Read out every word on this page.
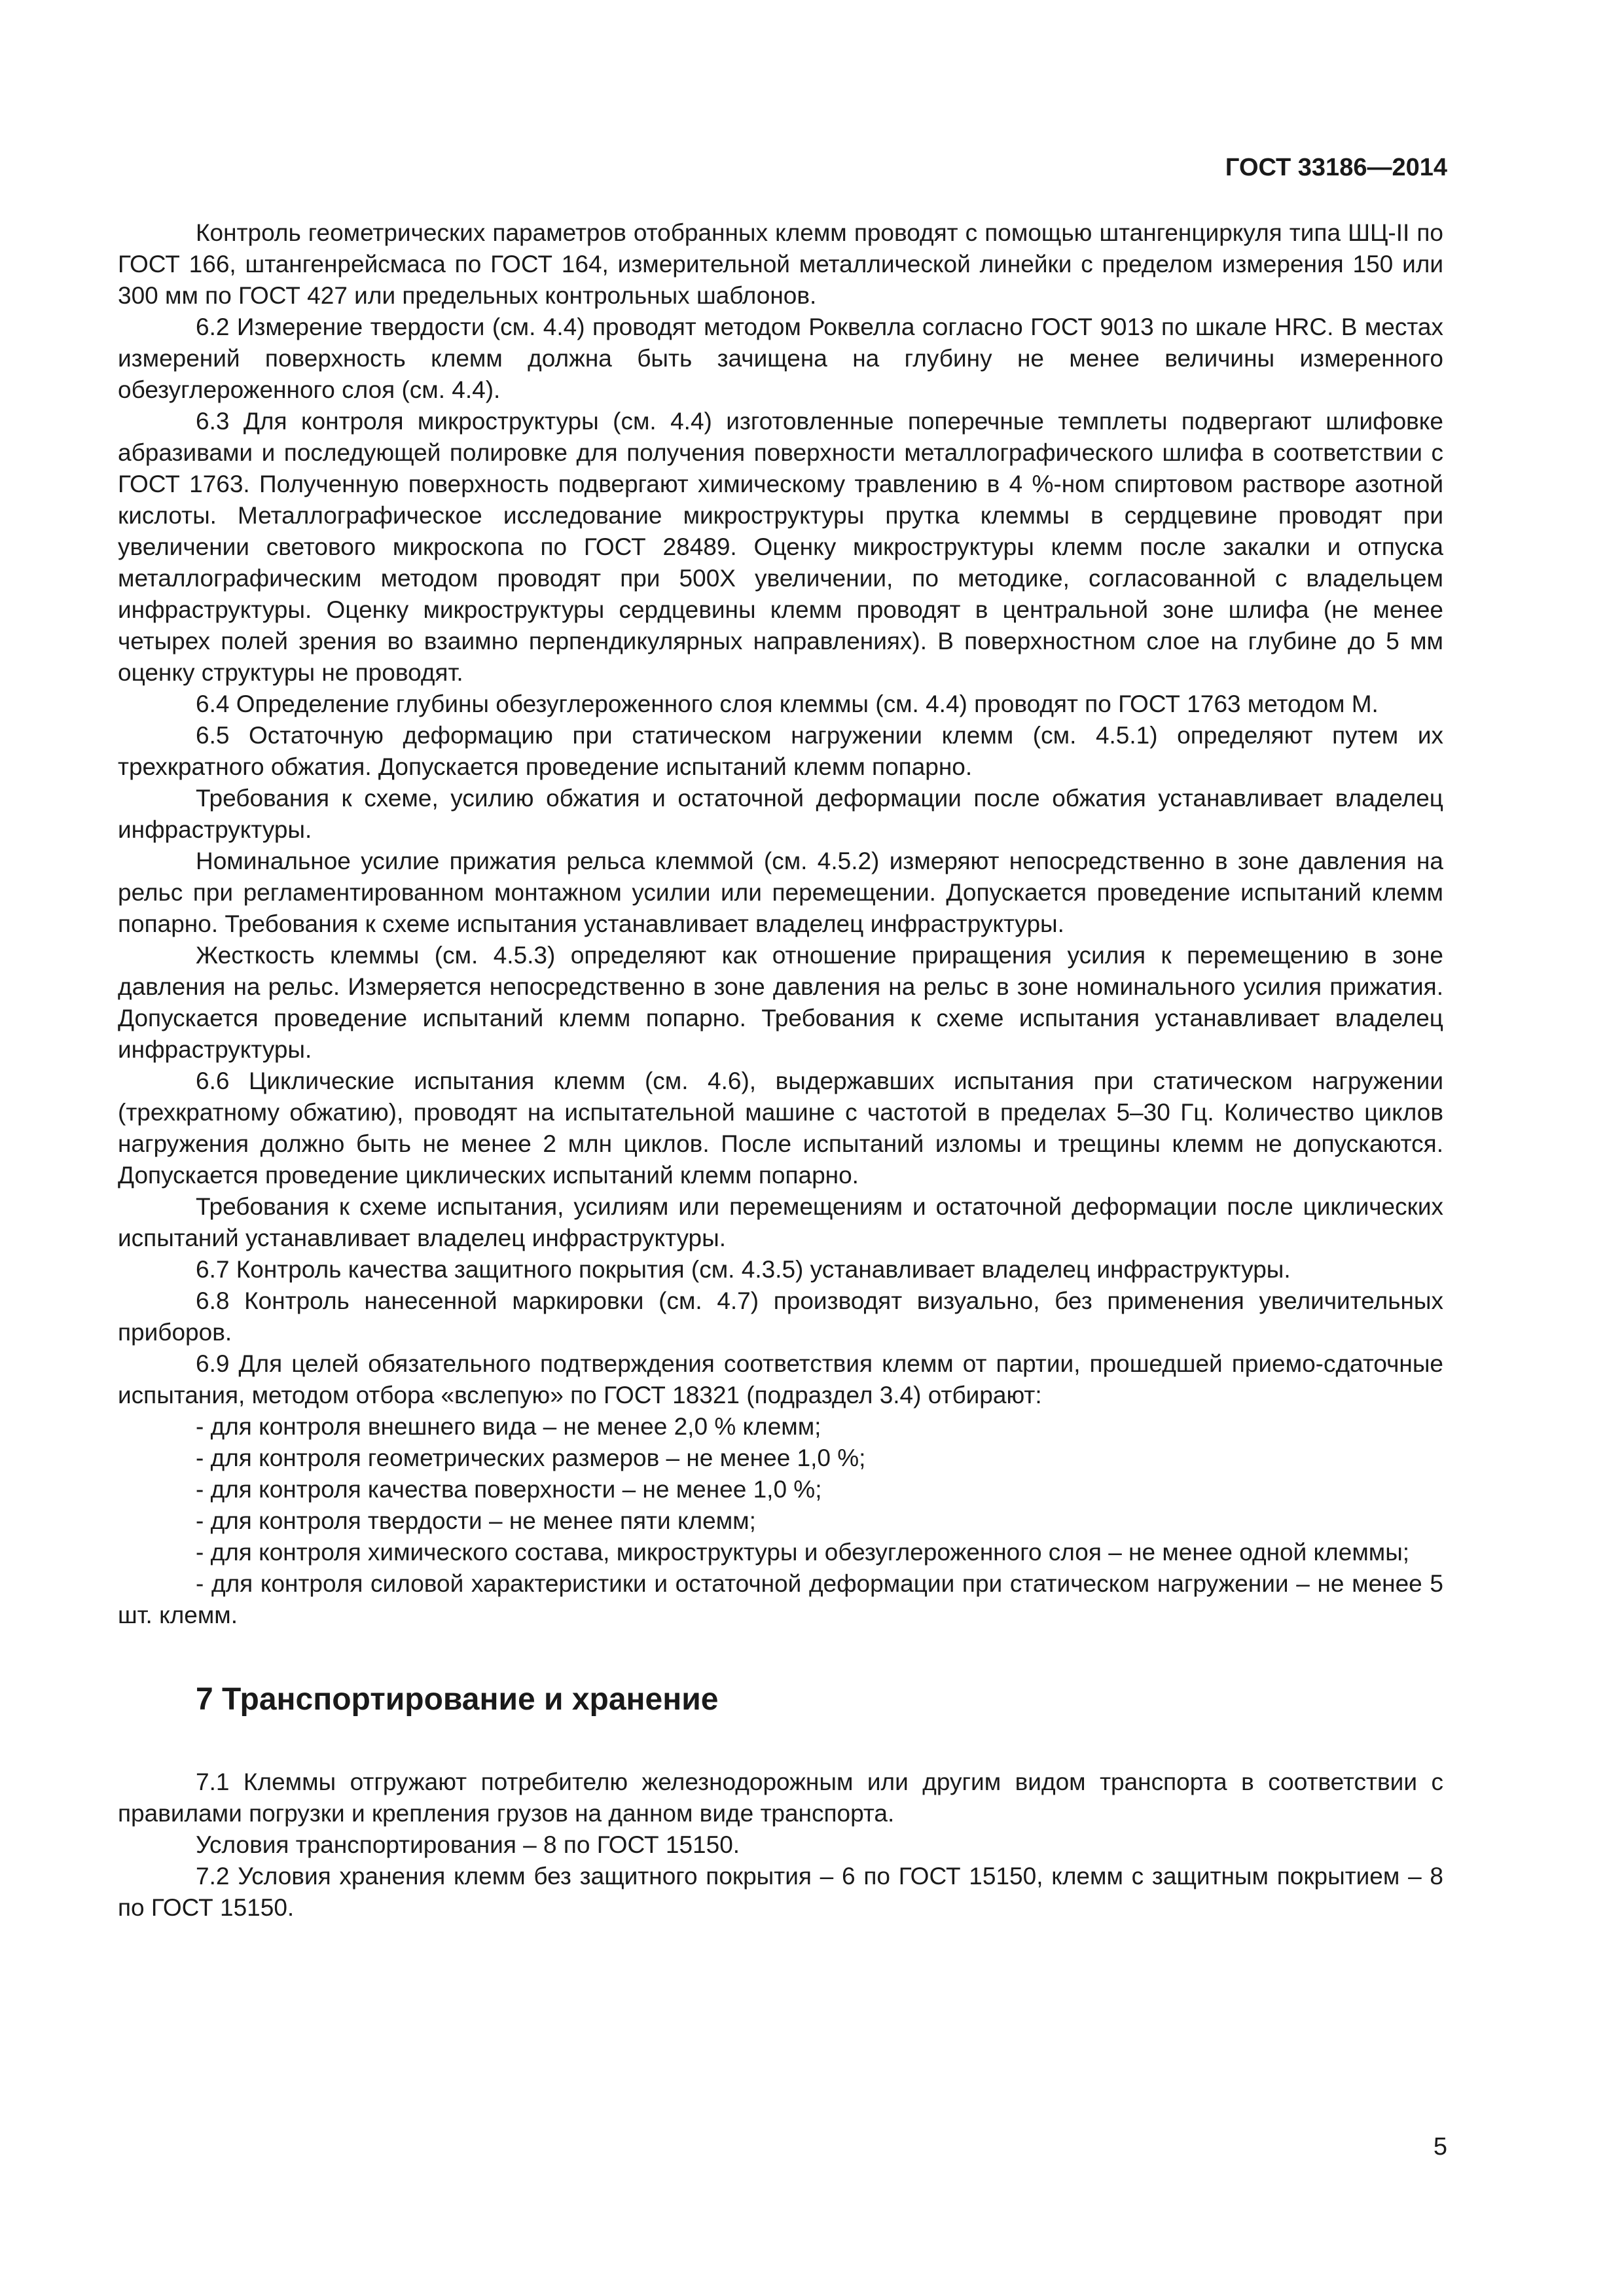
ГОСТ 33186—2014

Контроль геометрических параметров отобранных клемм проводят с помощью штангенциркуля типа ШЦ-II по ГОСТ 166, штангенрейсмаса по ГОСТ 164, измерительной металлической линейки с пределом измерения 150 или 300 мм по ГОСТ 427 или предельных контрольных шаблонов.

6.2 Измерение твердости (см. 4.4) проводят методом Роквелла согласно ГОСТ 9013 по шкале HRC. В местах измерений поверхность клемм должна быть зачищена на глубину не менее величины измеренного обезуглероженного слоя (см. 4.4).

6.3 Для контроля микроструктуры (см. 4.4) изготовленные поперечные темплеты подвергают шлифовке абразивами и последующей полировке для получения поверхности металлографического шлифа в соответствии с ГОСТ 1763. Полученную поверхность подвергают химическому травлению в 4 %-ном спиртовом растворе азотной кислоты. Металлографическое исследование микроструктуры прутка клеммы в сердцевине проводят при увеличении светового микроскопа по ГОСТ 28489. Оценку микроструктуры клемм после закалки и отпуска металлографическим методом проводят при 500Х увеличении, по методике, согласованной с владельцем инфраструктуры. Оценку микроструктуры сердцевины клемм проводят в центральной зоне шлифа (не менее четырех полей зрения во взаимно перпендикулярных направлениях). В поверхностном слое на глубине до 5 мм оценку структуры не проводят.

6.4 Определение глубины обезуглероженного слоя клеммы (см. 4.4) проводят по ГОСТ 1763 методом М.

6.5 Остаточную деформацию при статическом нагружении клемм (см. 4.5.1) определяют путем их трехкратного обжатия. Допускается проведение испытаний клемм попарно.

Требования к схеме, усилию обжатия и остаточной деформации после обжатия устанавливает владелец инфраструктуры.

Номинальное усилие прижатия рельса клеммой (см. 4.5.2) измеряют непосредственно в зоне давления на рельс при регламентированном монтажном усилии или перемещении. Допускается проведение испытаний клемм попарно. Требования к схеме испытания устанавливает владелец инфраструктуры.

Жесткость клеммы (см. 4.5.3) определяют как отношение приращения усилия к перемещению в зоне давления на рельс. Измеряется непосредственно в зоне давления на рельс в зоне номинального усилия прижатия. Допускается проведение испытаний клемм попарно. Требования к схеме испытания устанавливает владелец инфраструктуры.

6.6 Циклические испытания клемм (см. 4.6), выдержавших испытания при статическом нагружении (трехкратному обжатию), проводят на испытательной машине с частотой в пределах 5–30 Гц. Количество циклов нагружения должно быть не менее 2 млн циклов. После испытаний изломы и трещины клемм не допускаются. Допускается проведение циклических испытаний клемм попарно.

Требования к схеме испытания, усилиям или перемещениям и остаточной деформации после циклических испытаний устанавливает владелец инфраструктуры.

6.7 Контроль качества защитного покрытия (см. 4.3.5) устанавливает владелец инфраструктуры.

6.8 Контроль нанесенной маркировки (см. 4.7) производят визуально, без применения увеличительных приборов.

6.9 Для целей обязательного подтверждения соответствия клемм от партии, прошедшей приемо-сдаточные испытания, методом отбора «вслепую» по ГОСТ 18321 (подраздел 3.4) отбирают:

- для контроля внешнего вида – не менее 2,0 % клемм;

- для контроля геометрических размеров – не менее 1,0 %;

- для контроля качества поверхности – не менее 1,0 %;

- для контроля твердости – не менее пяти клемм;

- для контроля химического состава, микроструктуры и обезуглероженного слоя – не менее одной клеммы;

- для контроля силовой характеристики и остаточной деформации при статическом нагружении – не менее 5 шт. клемм.

7 Транспортирование и хранение

7.1 Клеммы отгружают потребителю железнодорожным или другим видом транспорта в соответствии с правилами погрузки и крепления грузов на данном виде транспорта.

Условия транспортирования – 8 по ГОСТ 15150.

7.2 Условия хранения клемм без защитного покрытия – 6 по ГОСТ 15150, клемм с защитным покрытием – 8 по ГОСТ 15150.

5
